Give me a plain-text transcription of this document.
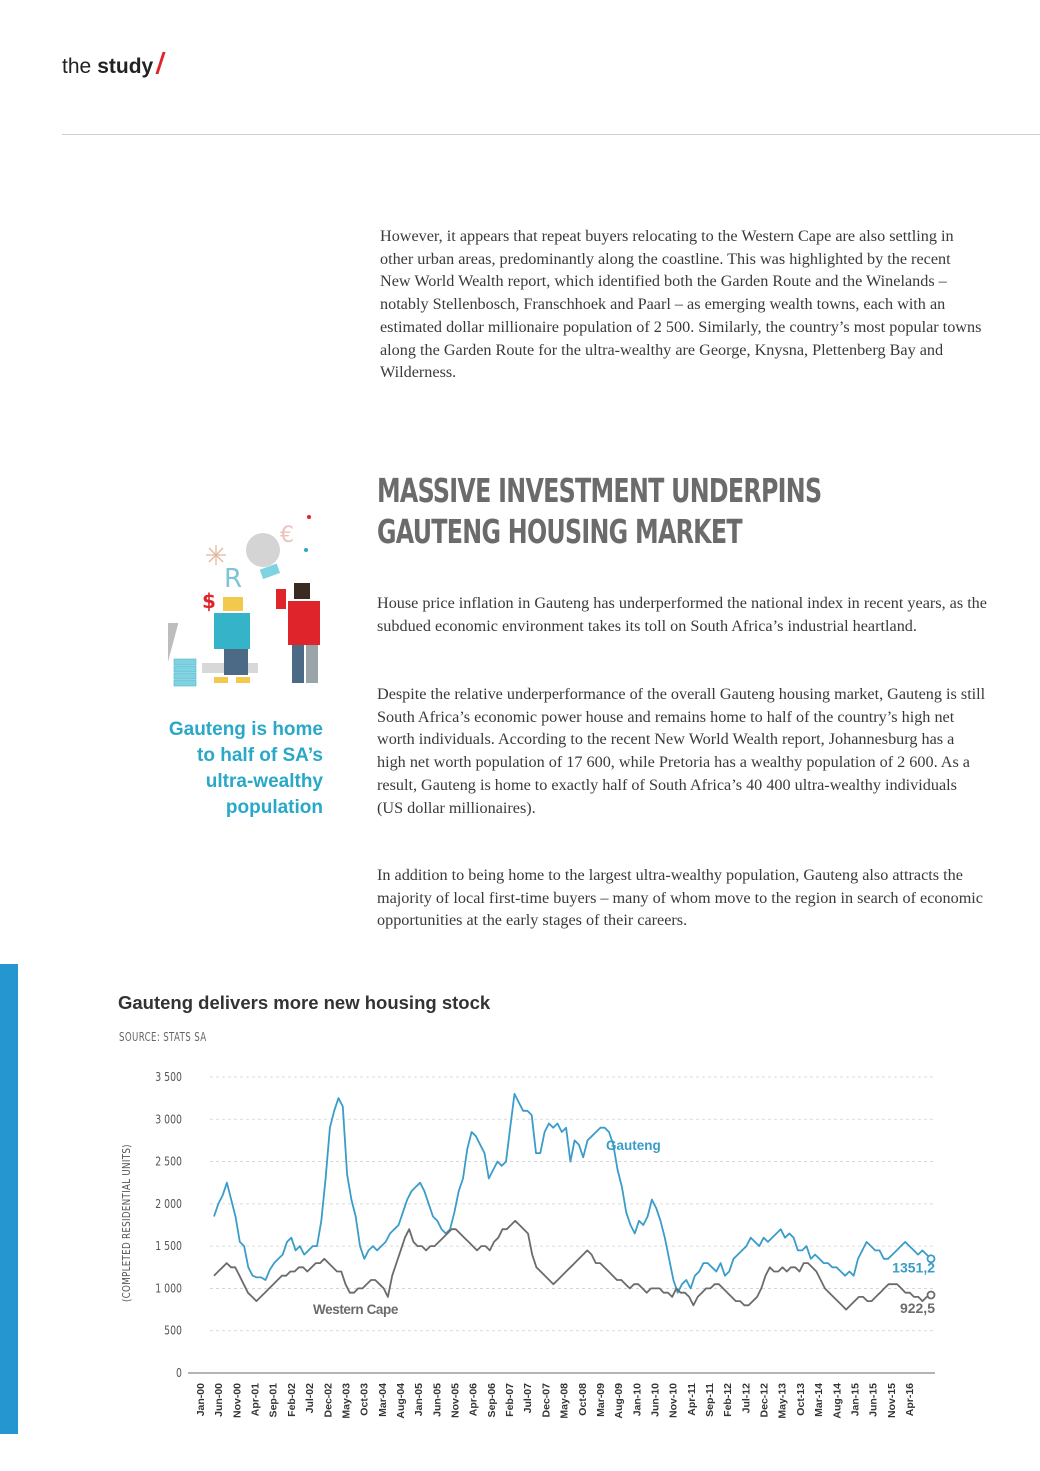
the study

However, it appears that repeat buyers relocating to the Western Cape are also settling in other urban areas, predominantly along the coastline. This was highlighted by the recent New World Wealth report, which identified both the Garden Route and the Winelands – notably Stellenbosch, Franschhoek and Paarl – as emerging wealth towns, each with an estimated dollar millionaire population of 2 500. Similarly, the country’s most popular towns along the Garden Route for the ultra-wealthy are George, Knysna, Plettenberg Bay and Wilderness.

MASSIVE INVESTMENT UNDERPINS
GAUTENG HOUSING MARKET

House price inflation in Gauteng has underperformed the national index in recent years, as the subdued economic environment takes its toll on South Africa’s industrial heartland.

Despite the relative underperformance of the overall Gauteng housing market, Gauteng is still South Africa’s economic power house and remains home to half of the country’s high net worth individuals. According to the recent New World Wealth report, Johannesburg has a high net worth population of 17 600, while Pretoria has a wealthy population of 2 600. As a result, Gauteng is home to exactly half of South Africa’s 40 400 ultra-wealthy individuals (US dollar millionaires).

In addition to being home to the largest ultra-wealthy population, Gauteng also attracts the majority of local first-time buyers – many of whom move to the region in search of economic opportunities at the early stages of their careers.

€
R
$
Gauteng is home
to half of SA’s
ultra-wealthy
population
Gauteng delivers more new housing stock
SOURCE: STATS SA
(COMPLETED RESIDENTIAL UNITS)
0
500
1 000
1 500
2 000
2 500
3 000
3 500
Jan-00 Jun-00 Nov-00 Apr-01 Sep-01 Feb-02 Jul-02 Dec-02 May-03 Oct-03 Mar-04 Aug-04 Jan-05 Jun-05 Nov-05 Apr-06 Sep-06 Feb-07 Jul-07 Dec-07 May-08 Oct-08 Mar-09 Aug-09 Jan-10 Jun-10 Nov-10 Apr-11 Sep-11 Feb-12 Jul-12 Dec-12 May-13 Oct-13 Mar-14 Aug-14 Jan-15 Jun-15 Nov-15 Apr-16
1351,2
922,5
Gauteng
Western Cape
